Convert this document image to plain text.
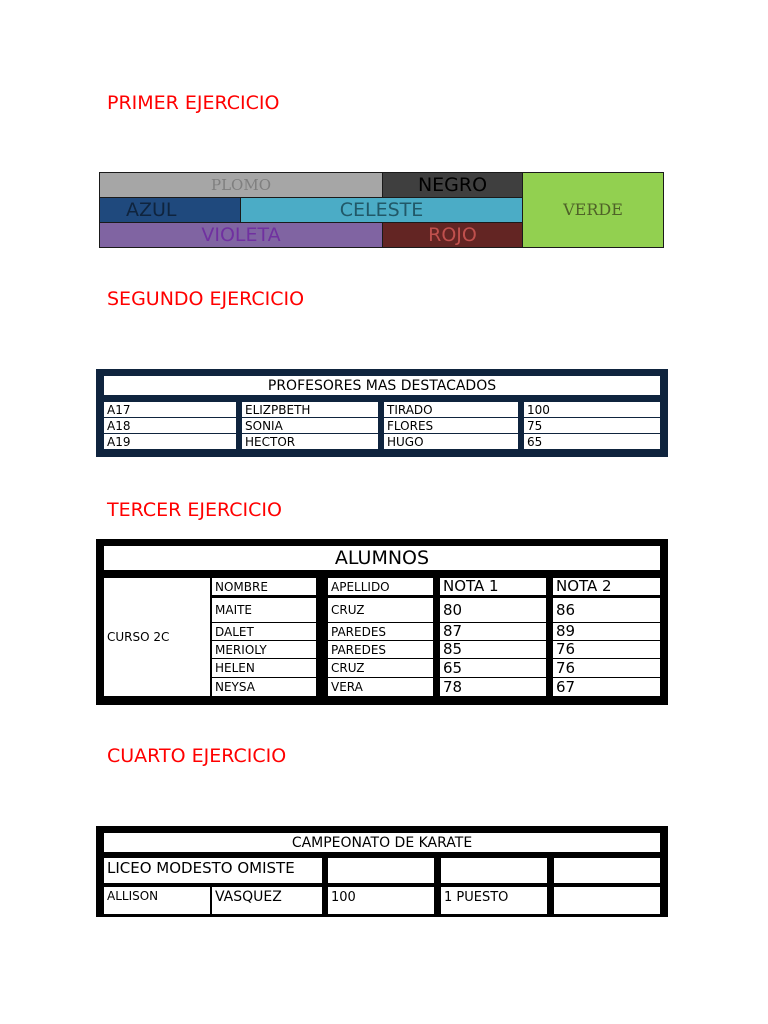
PRIMER EJERCICIO
SEGUNDO EJERCICIO
TERCER EJERCICIO
CUARTO EJERCICIO
PLOMO	NEGRO
AZUL	CELESTE
VIOLETA	ROJO
VERDE
PROFESORES MAS DESTACADOS
A17	ELIZPBETH	TIRADO	100
A18	SONIA	FLORES	75
A19	HECTOR	HUGO	65
ALUMNOS
CURSO 2C
NOMBRE	APELLIDO	NOTA 1	NOTA 2
MAITE	CRUZ	80	86
DALET	PAREDES	87	89
MERIOLY	PAREDES	85	76
HELEN	CRUZ	65	76
NEYSA	VERA	78	67
CAMPEONATO DE KARATE
LICEO MODESTO OMISTE
ALLISON	VASQUEZ	100	1 PUESTO
